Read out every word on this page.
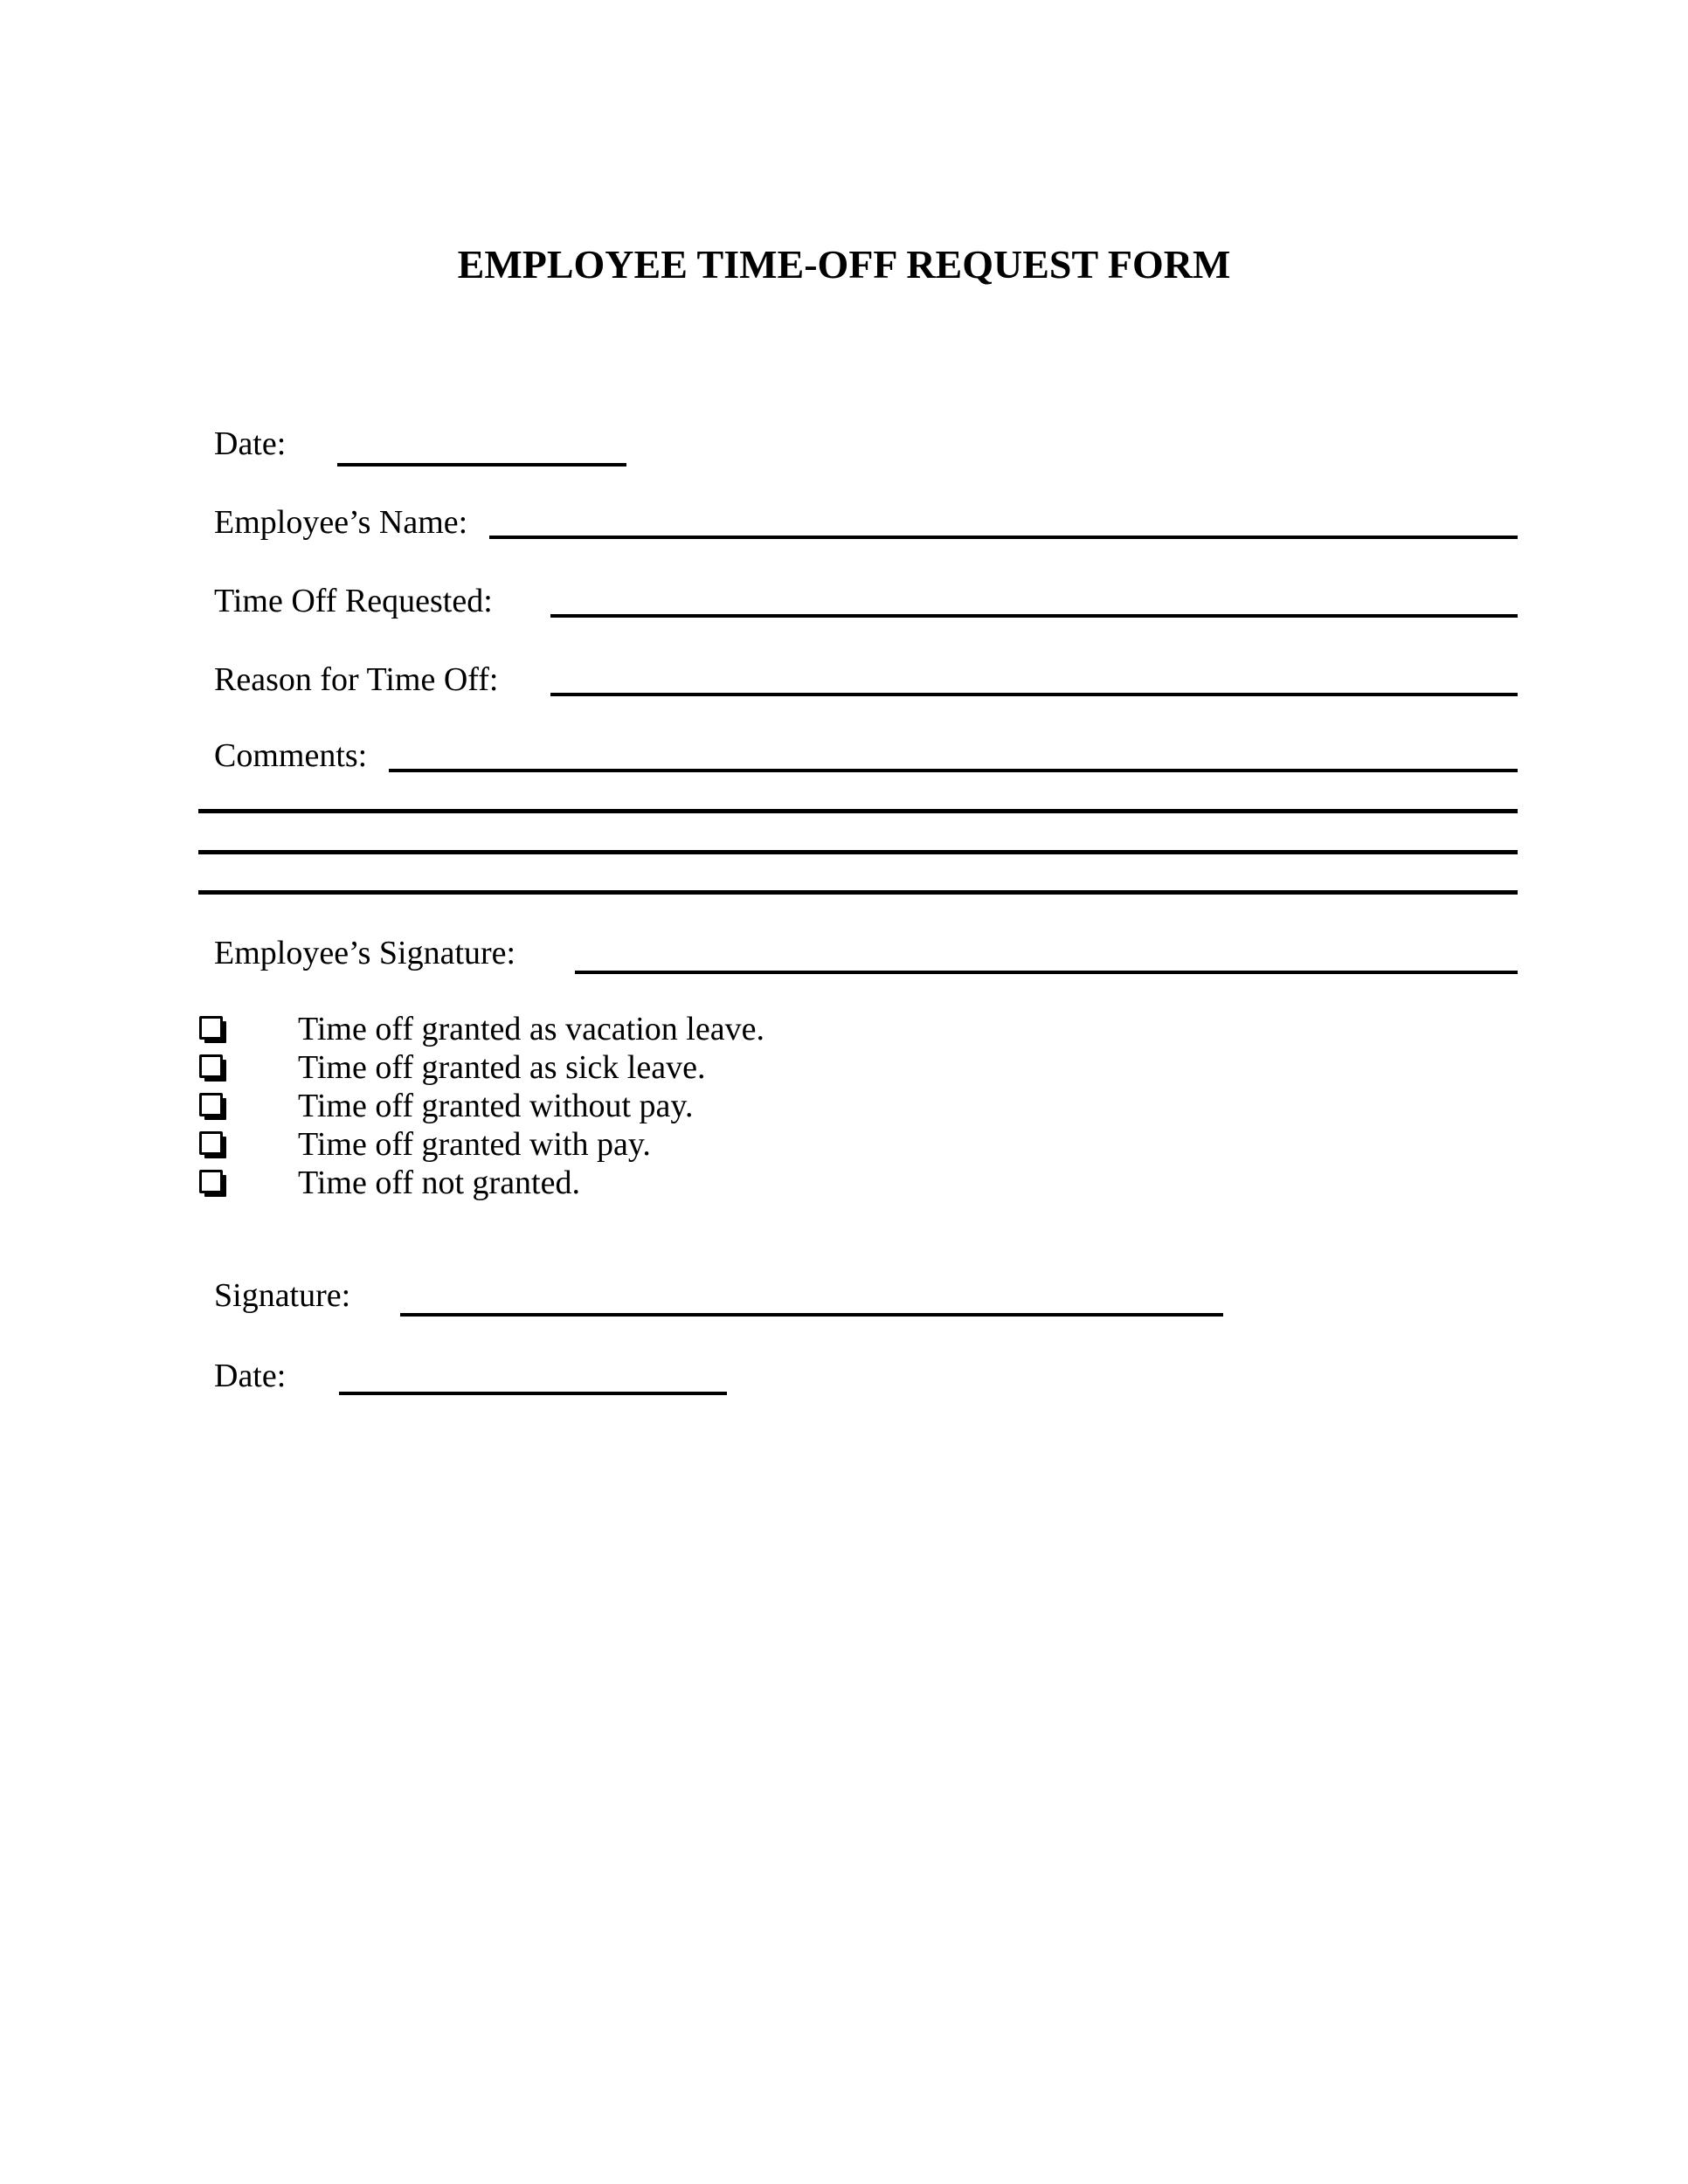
EMPLOYEE TIME-OFF REQUEST FORM
Date:
Employee’s Name:
Time Off Requested:
Reason for Time Off:
Comments:
Employee’s Signature:
Time off granted as vacation leave.
Time off granted as sick leave.
Time off granted without pay.
Time off granted with pay.
Time off not granted.
Signature:
Date:
